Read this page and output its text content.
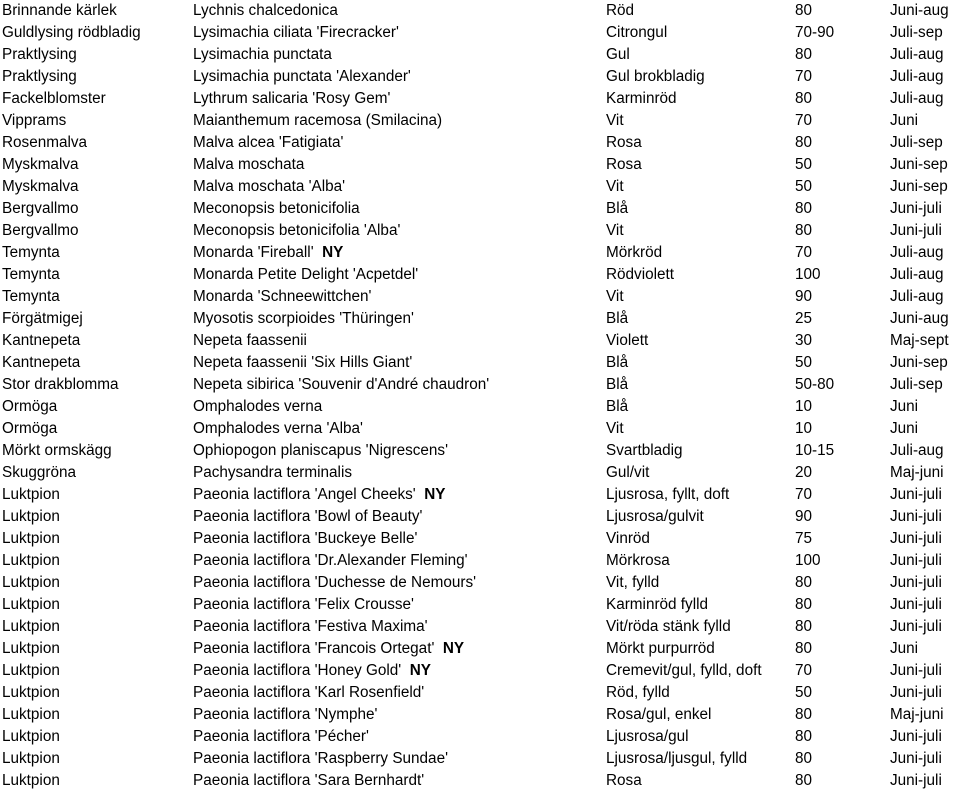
Brinnande kärlek	Lychnis chalcedonica	Röd	80	Juni-aug
Guldlysing rödbladig	Lysimachia ciliata 'Firecracker'	Citrongul	70-90	Juli-sep
Praktlysing	Lysimachia punctata	Gul	80	Juli-aug
Praktlysing	Lysimachia punctata 'Alexander'	Gul brokbladig	70	Juli-aug
Fackelblomster	Lythrum salicaria 'Rosy Gem'	Karminröd	80	Juli-aug
Vipprams	Maianthemum racemosa (Smilacina)	Vit	70	Juni
Rosenmalva	Malva alcea 'Fatigiata'	Rosa	80	Juli-sep
Myskmalva	Malva moschata	Rosa	50	Juni-sep
Myskmalva	Malva moschata 'Alba'	Vit	50	Juni-sep
Bergvallmo	Meconopsis betonicifolia	Blå	80	Juni-juli
Bergvallmo	Meconopsis betonicifolia 'Alba'	Vit	80	Juni-juli
Temynta	Monarda 'Fireball' NY	Mörkröd	70	Juli-aug
Temynta	Monarda Petite Delight 'Acpetdel'	Rödviolett	100	Juli-aug
Temynta	Monarda 'Schneewittchen'	Vit	90	Juli-aug
Förgätmigej	Myosotis scorpioides 'Thüringen'	Blå	25	Juni-aug
Kantnepeta	Nepeta faassenii	Violett	30	Maj-sept
Kantnepeta	Nepeta faassenii 'Six Hills Giant'	Blå	50	Juni-sep
Stor drakblomma	Nepeta sibirica 'Souvenir d'André chaudron'	Blå	50-80	Juli-sep
Ormöga	Omphalodes verna	Blå	10	Juni
Ormöga	Omphalodes verna 'Alba'	Vit	10	Juni
Mörkt ormskägg	Ophiopogon planiscapus 'Nigrescens'	Svartbladig	10-15	Juli-aug
Skuggröna	Pachysandra terminalis	Gul/vit	20	Maj-juni
Luktpion	Paeonia lactiflora 'Angel Cheeks' NY	Ljusrosa, fyllt, doft	70	Juni-juli
Luktpion	Paeonia lactiflora 'Bowl of Beauty'	Ljusrosa/gulvit	90	Juni-juli
Luktpion	Paeonia lactiflora 'Buckeye Belle'	Vinröd	75	Juni-juli
Luktpion	Paeonia lactiflora 'Dr.Alexander Fleming'	Mörkrosa	100	Juni-juli
Luktpion	Paeonia lactiflora 'Duchesse de Nemours'	Vit, fylld	80	Juni-juli
Luktpion	Paeonia lactiflora 'Felix Crousse'	Karminröd fylld	80	Juni-juli
Luktpion	Paeonia lactiflora 'Festiva Maxima'	Vit/röda stänk fylld	80	Juni-juli
Luktpion	Paeonia lactiflora 'Francois Ortegat' NY	Mörkt purpurröd	80	Juni
Luktpion	Paeonia lactiflora 'Honey Gold' NY	Cremevit/gul, fylld, doft	70	Juni-juli
Luktpion	Paeonia lactiflora 'Karl Rosenfield'	Röd, fylld	50	Juni-juli
Luktpion	Paeonia lactiflora 'Nymphe'	Rosa/gul, enkel	80	Maj-juni
Luktpion	Paeonia lactiflora 'Pécher'	Ljusrosa/gul	80	Juni-juli
Luktpion	Paeonia lactiflora 'Raspberry Sundae'	Ljusrosa/ljusgul, fylld	80	Juni-juli
Luktpion	Paeonia lactiflora 'Sara Bernhardt'	Rosa	80	Juni-juli
